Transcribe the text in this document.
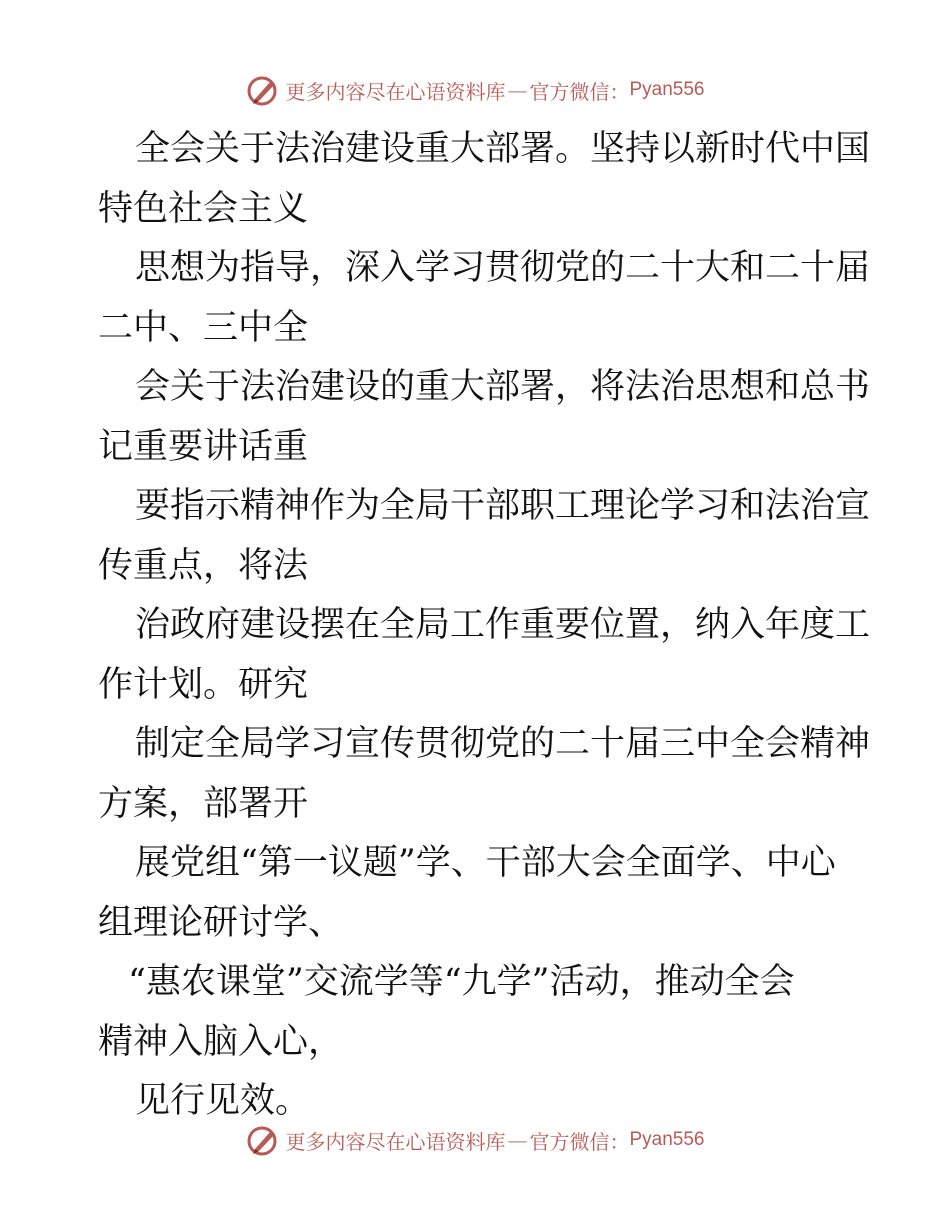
更多内容尽在心语资料库 — 官方微信： Pyan556
全会关于法治建设重大部署。坚持以新时代中国
特色社会主义
思想为指导，深入学习贯彻党的二十大和二十届
二中、三中全
会关于法治建设的重大部署，将法治思想和总书
记重要讲话重
要指示精神作为全局干部职工理论学习和法治宣
传重点，将法
治政府建设摆在全局工作重要位置，纳入年度工
作计划。研究
制定全局学习宣传贯彻党的二十届三中全会精神
方案，部署开
展党组“第一议题”学、干部大会全面学、中心
组理论研讨学、
“惠农课堂”交流学等“九学”活动，推动全会
精神入脑入心，
见行见效。
更多内容尽在心语资料库 — 官方微信： Pyan556
